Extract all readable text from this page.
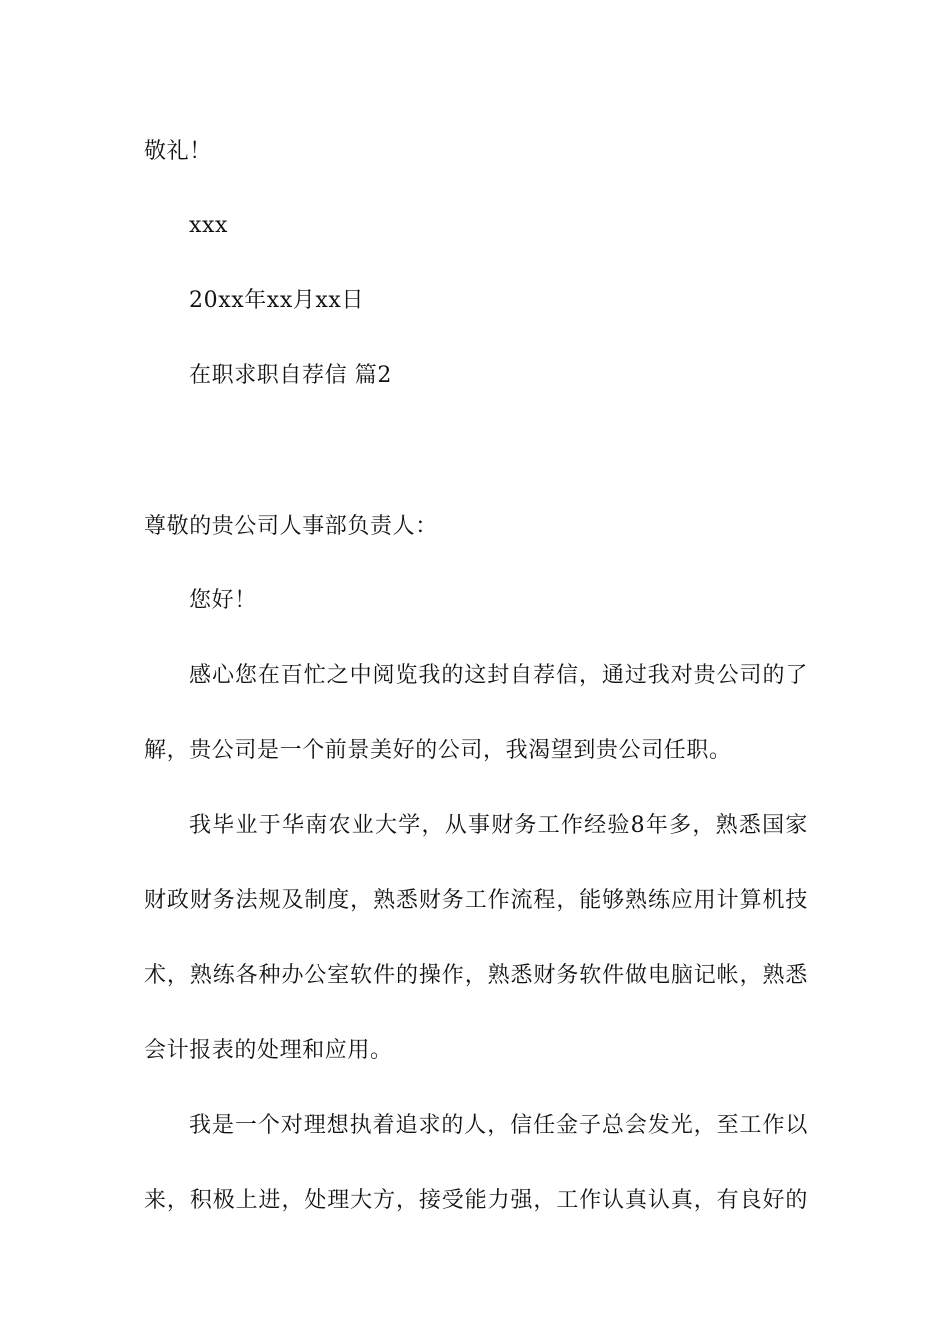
敬礼！
xxx
20xx年xx月xx日
在职求职自荐信 篇2
尊敬的贵公司人事部负责人：
您好！
感心您在百忙之中阅览我的这封自荐信，通过我对贵公司的了
解，贵公司是一个前景美好的公司，我渴望到贵公司任职。
我毕业于华南农业大学，从事财务工作经验8年多，熟悉国家
财政财务法规及制度，熟悉财务工作流程，能够熟练应用计算机技
术，熟练各种办公室软件的操作，熟悉财务软件做电脑记帐，熟悉
会计报表的处理和应用。
我是一个对理想执着追求的人，信任金子总会发光，至工作以
来，积极上进，处理大方，接受能力强，工作认真认真，有良好的
